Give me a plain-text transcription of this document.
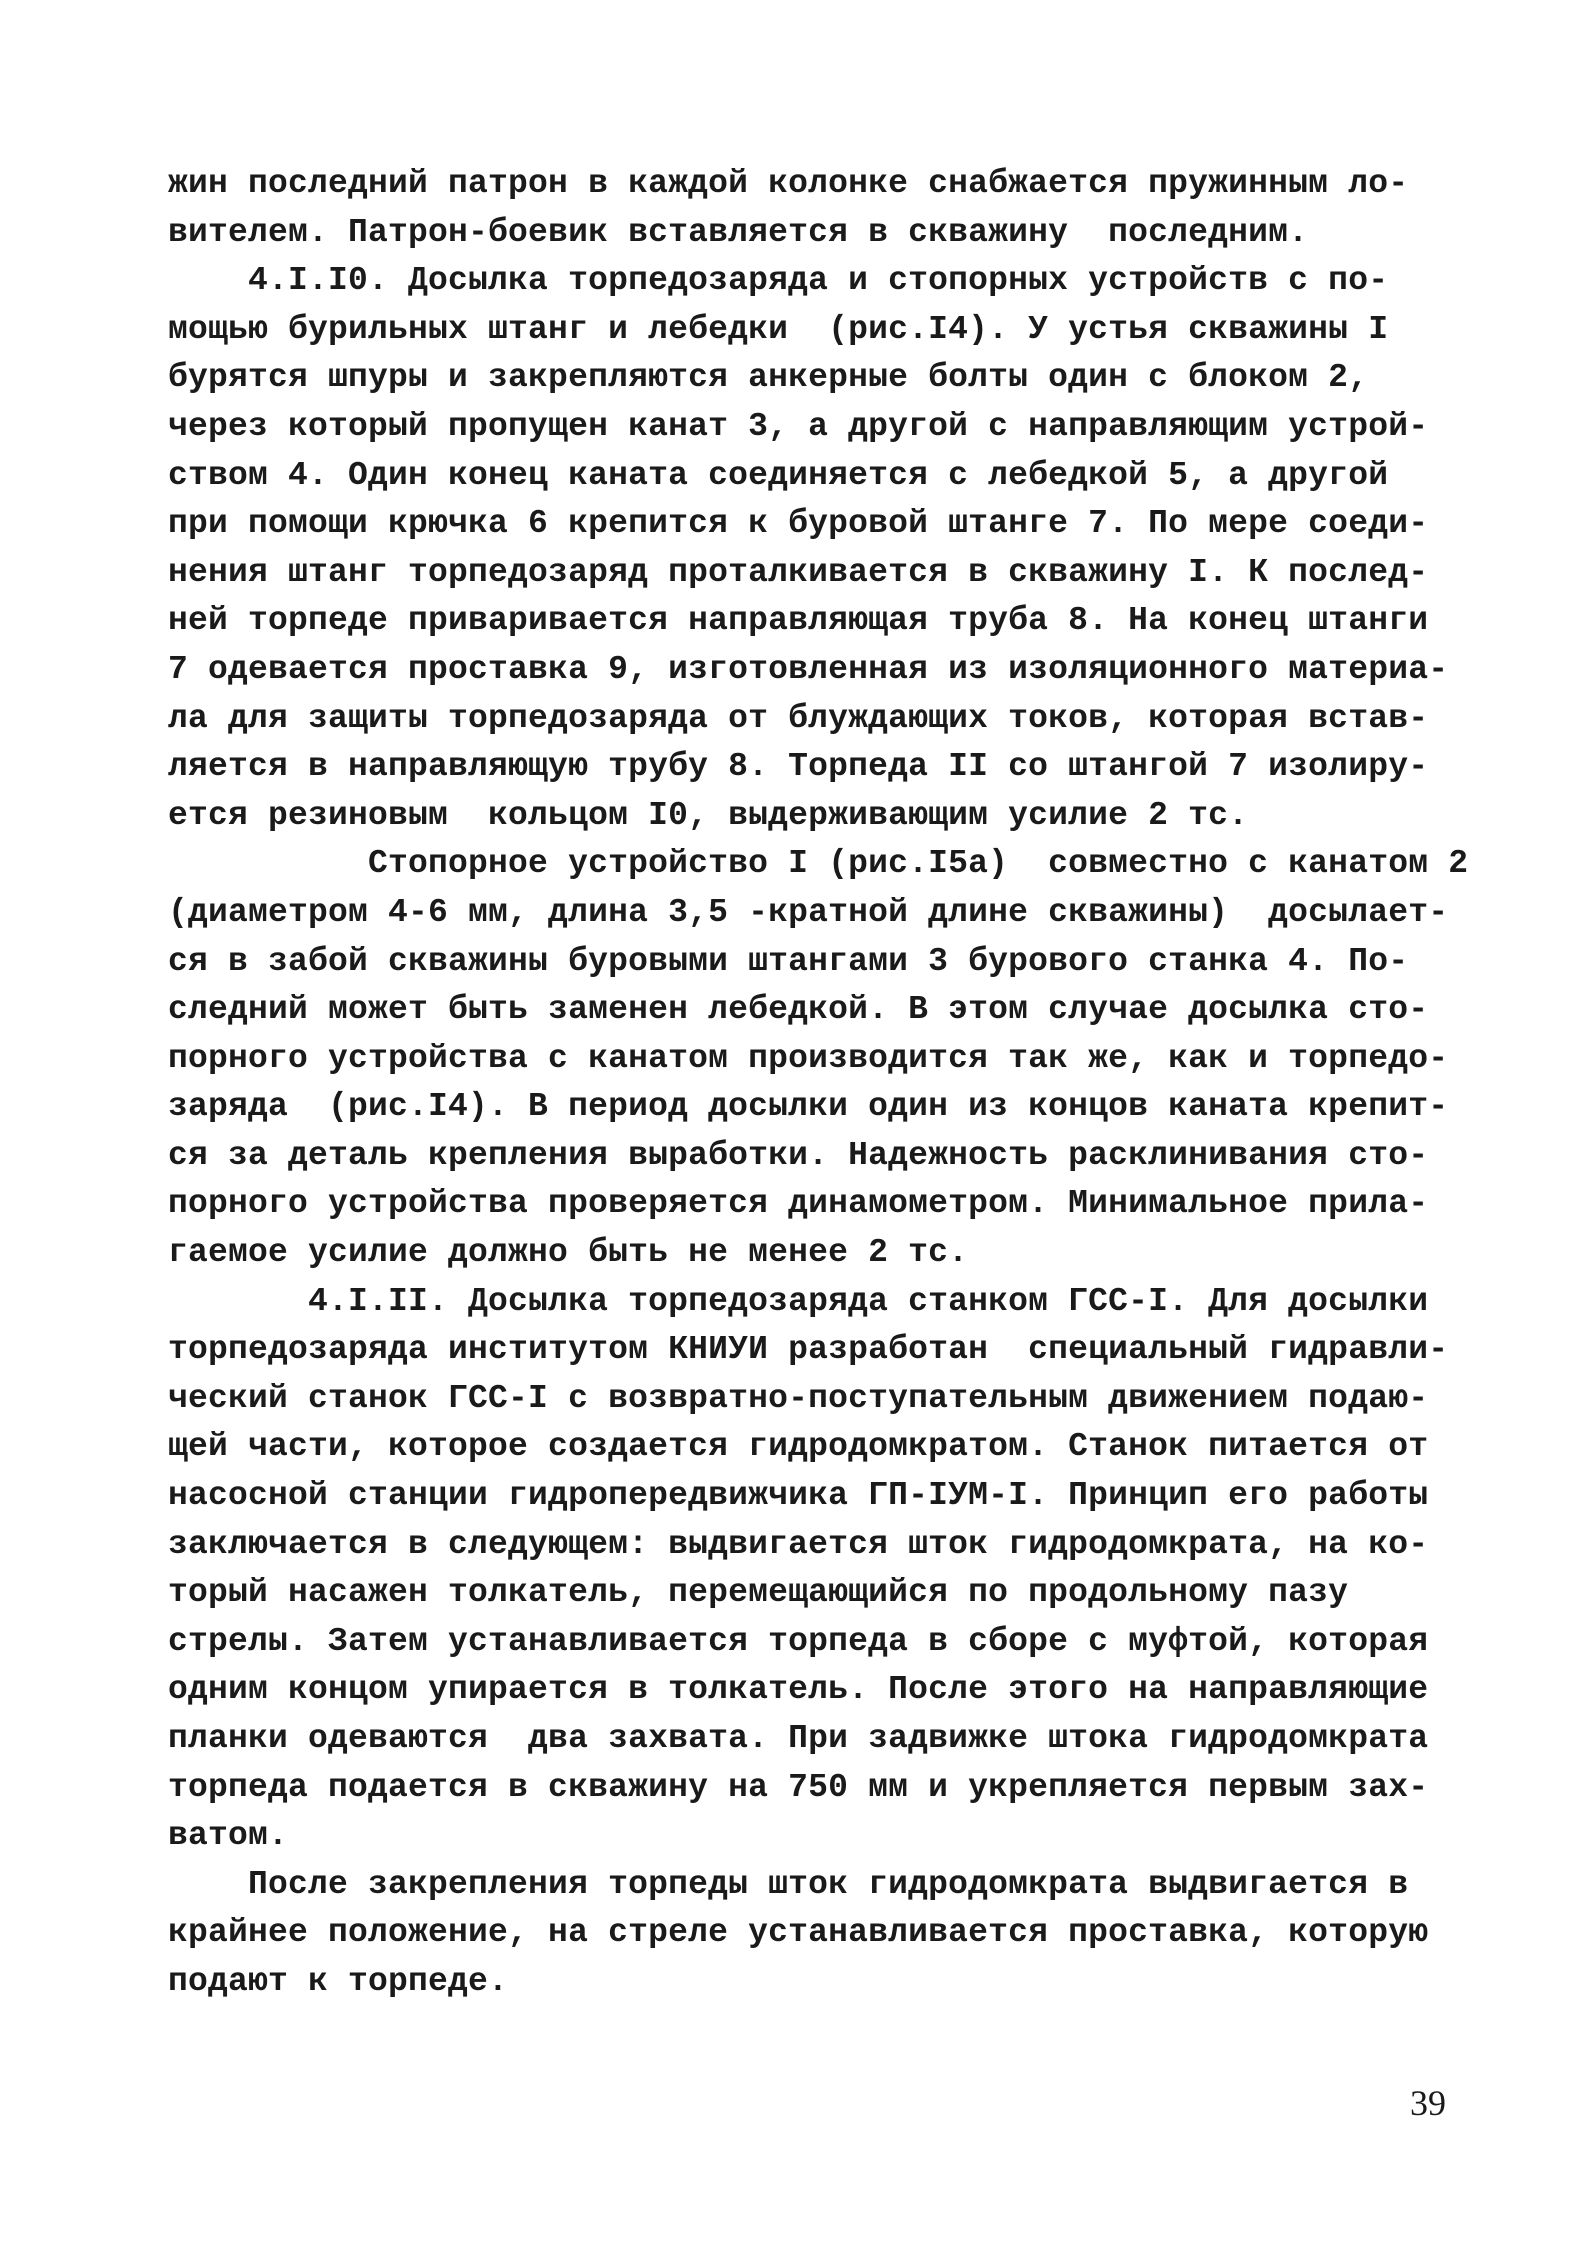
жин последний патрон в каждой колонке снабжается пружинным ло-
вителем. Патрон-боевик вставляется в скважину  последним.
4.I.I0. Досылка торпедозаряда и стопорных устройств с по-
мощью бурильных штанг и лебедки  (рис.I4). У устья скважины I
бурятся шпуры и закрепляются анкерные болты один с блоком 2,
через который пропущен канат 3, а другой с направляющим устрой-
ством 4. Один конец каната соединяется с лебедкой 5, а другой
при помощи крючка 6 крепится к буровой штанге 7. По мере соеди-
нения штанг торпедозаряд проталкивается в скважину I. К послед-
ней торпеде приваривается направляющая труба 8. На конец штанги
7 одевается проставка 9, изготовленная из изоляционного материа-
ла для защиты торпедозаряда от блуждающих токов, которая встав-
ляется в направляющую трубу 8. Торпеда II со штангой 7 изолиру-
ется резиновым  кольцом I0, выдерживающим усилие 2 тс.
Стопорное устройство I (рис.I5а)  совместно с канатом 2
(диаметром 4-6 мм, длина 3,5 -кратной длине скважины)  досылает-
ся в забой скважины буровыми штангами 3 бурового станка 4. По-
следний может быть заменен лебедкой. В этом случае досылка сто-
порного устройства с канатом производится так же, как и торпедо-
заряда  (рис.I4). В период досылки один из концов каната крепит-
ся за деталь крепления выработки. Надежность расклинивания сто-
порного устройства проверяется динамометром. Минимальное прила-
гаемое усилие должно быть не менее 2 тс.
4.I.II. Досылка торпедозаряда станком ГСС-I. Для досылки
торпедозаряда институтом КНИУИ разработан  специальный гидравли-
ческий станок ГСС-I с возвратно-поступательным движением подаю-
щей части, которое создается гидродомкратом. Станок питается от
насосной станции гидропередвижчика ГП-IУМ-I. Принцип его работы
заключается в следующем: выдвигается шток гидродомкрата, на ко-
торый насажен толкатель, перемещающийся по продольному пазу
стрелы. Затем устанавливается торпеда в сборе с муфтой, которая
одним концом упирается в толкатель. После этого на направляющие
планки одеваются  два захвата. При задвижке штока гидродомкрата
торпеда подается в скважину на 750 мм и укрепляется первым зах-
ватом.
После закрепления торпеды шток гидродомкрата выдвигается в
крайнее положение, на стреле устанавливается проставка, которую
подают к торпеде.
39
